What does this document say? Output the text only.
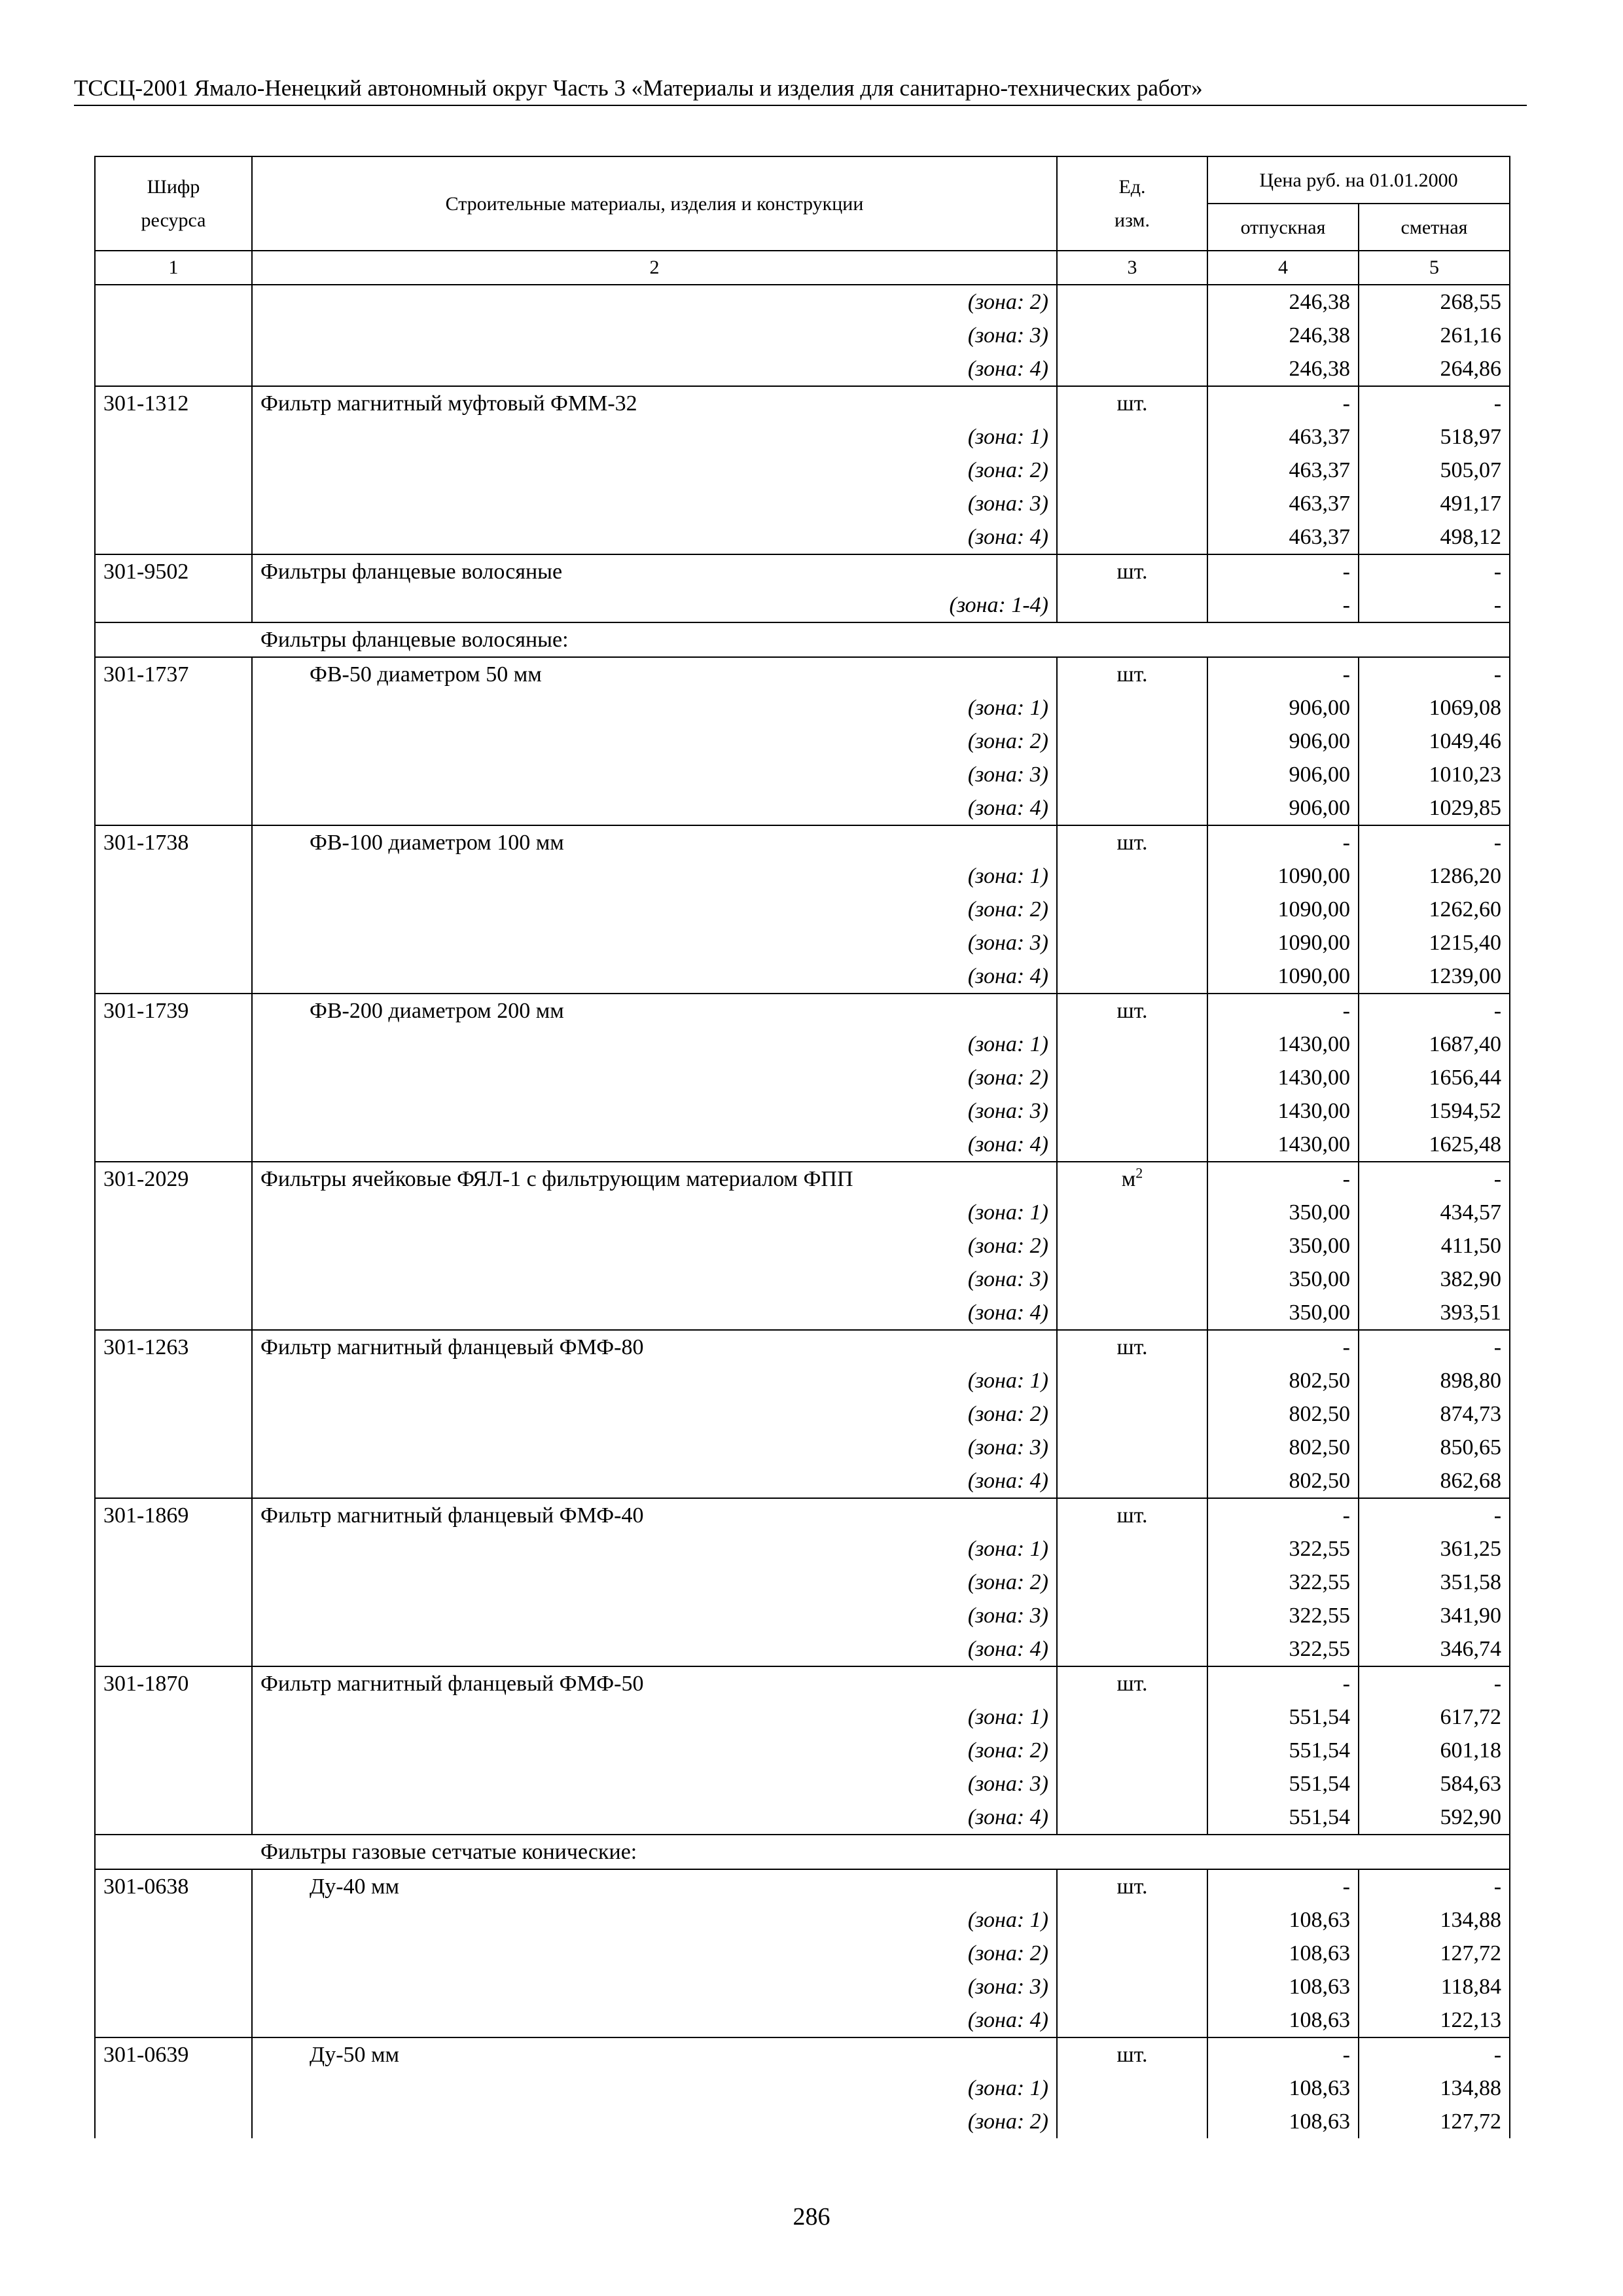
ТССЦ-2001 Ямало-Ненецкий автономный округ Часть 3 «Материалы и изделия для санитарно-технических работ»
Шифр ресурса	Строительные материалы, изделия и конструкции	Ед. изм.	Цена руб. на 01.01.2000	
			отпускная	сметная
1	2	3	4	5
	(зона: 2)		246,38	268,55
	(зона: 3)		246,38	261,16
	(зона: 4)		246,38	264,86
301-1312	Фильтр магнитный муфтовый ФММ-32	шт.	-	-
	(зона: 1)		463,37	518,97
	(зона: 2)		463,37	505,07
	(зона: 3)		463,37	491,17
	(зона: 4)		463,37	498,12
301-9502	Фильтры фланцевые волосяные	шт.	-	-
	(зона: 1-4)		-	-
Фильтры фланцевые волосяные:				
301-1737	ФВ-50 диаметром 50 мм	шт.	-	-
	(зона: 1)		906,00	1069,08
	(зона: 2)		906,00	1049,46
	(зона: 3)		906,00	1010,23
	(зона: 4)		906,00	1029,85
301-1738	ФВ-100 диаметром 100 мм	шт.	-	-
	(зона: 1)		1090,00	1286,20
	(зона: 2)		1090,00	1262,60
	(зона: 3)		1090,00	1215,40
	(зона: 4)		1090,00	1239,00
301-1739	ФВ-200 диаметром 200 мм	шт.	-	-
	(зона: 1)		1430,00	1687,40
	(зона: 2)		1430,00	1656,44
	(зона: 3)		1430,00	1594,52
	(зона: 4)		1430,00	1625,48
301-2029	Фильтры ячейковые ФЯЛ-1 с фильтрующим материалом ФПП	$м^2$	-	-
	(зона: 1)		350,00	434,57
	(зона: 2)		350,00	411,50
	(зона: 3)		350,00	382,90
	(зона: 4)		350,00	393,51
301-1263	Фильтр магнитный фланцевый ФМФ-80	шт.	-	-
	(зона: 1)		802,50	898,80
	(зона: 2)		802,50	874,73
	(зона: 3)		802,50	850,65
	(зона: 4)		802,50	862,68
301-1869	Фильтр магнитный фланцевый ФМФ-40	шт.	-	-
	(зона: 1)		322,55	361,25
	(зона: 2)		322,55	351,58
	(зона: 3)		322,55	341,90
	(зона: 4)		322,55	346,74
301-1870	Фильтр магнитный фланцевый ФМФ-50	шт.	-	-
	(зона: 1)		551,54	617,72
	(зона: 2)		551,54	601,18
	(зона: 3)		551,54	584,63
	(зона: 4)		551,54	592,90
Фильтры газовые сетчатые конические:				
301-0638	Ду-40 мм	шт.	-	-
	(зона: 1)		108,63	134,88
	(зона: 2)		108,63	127,72
	(зона: 3)		108,63	118,84
	(зона: 4)		108,63	122,13
301-0639	Ду-50 мм	шт.	-	-
	(зона: 1)		108,63	134,88
	(зона: 2)		108,63	127,72
286
